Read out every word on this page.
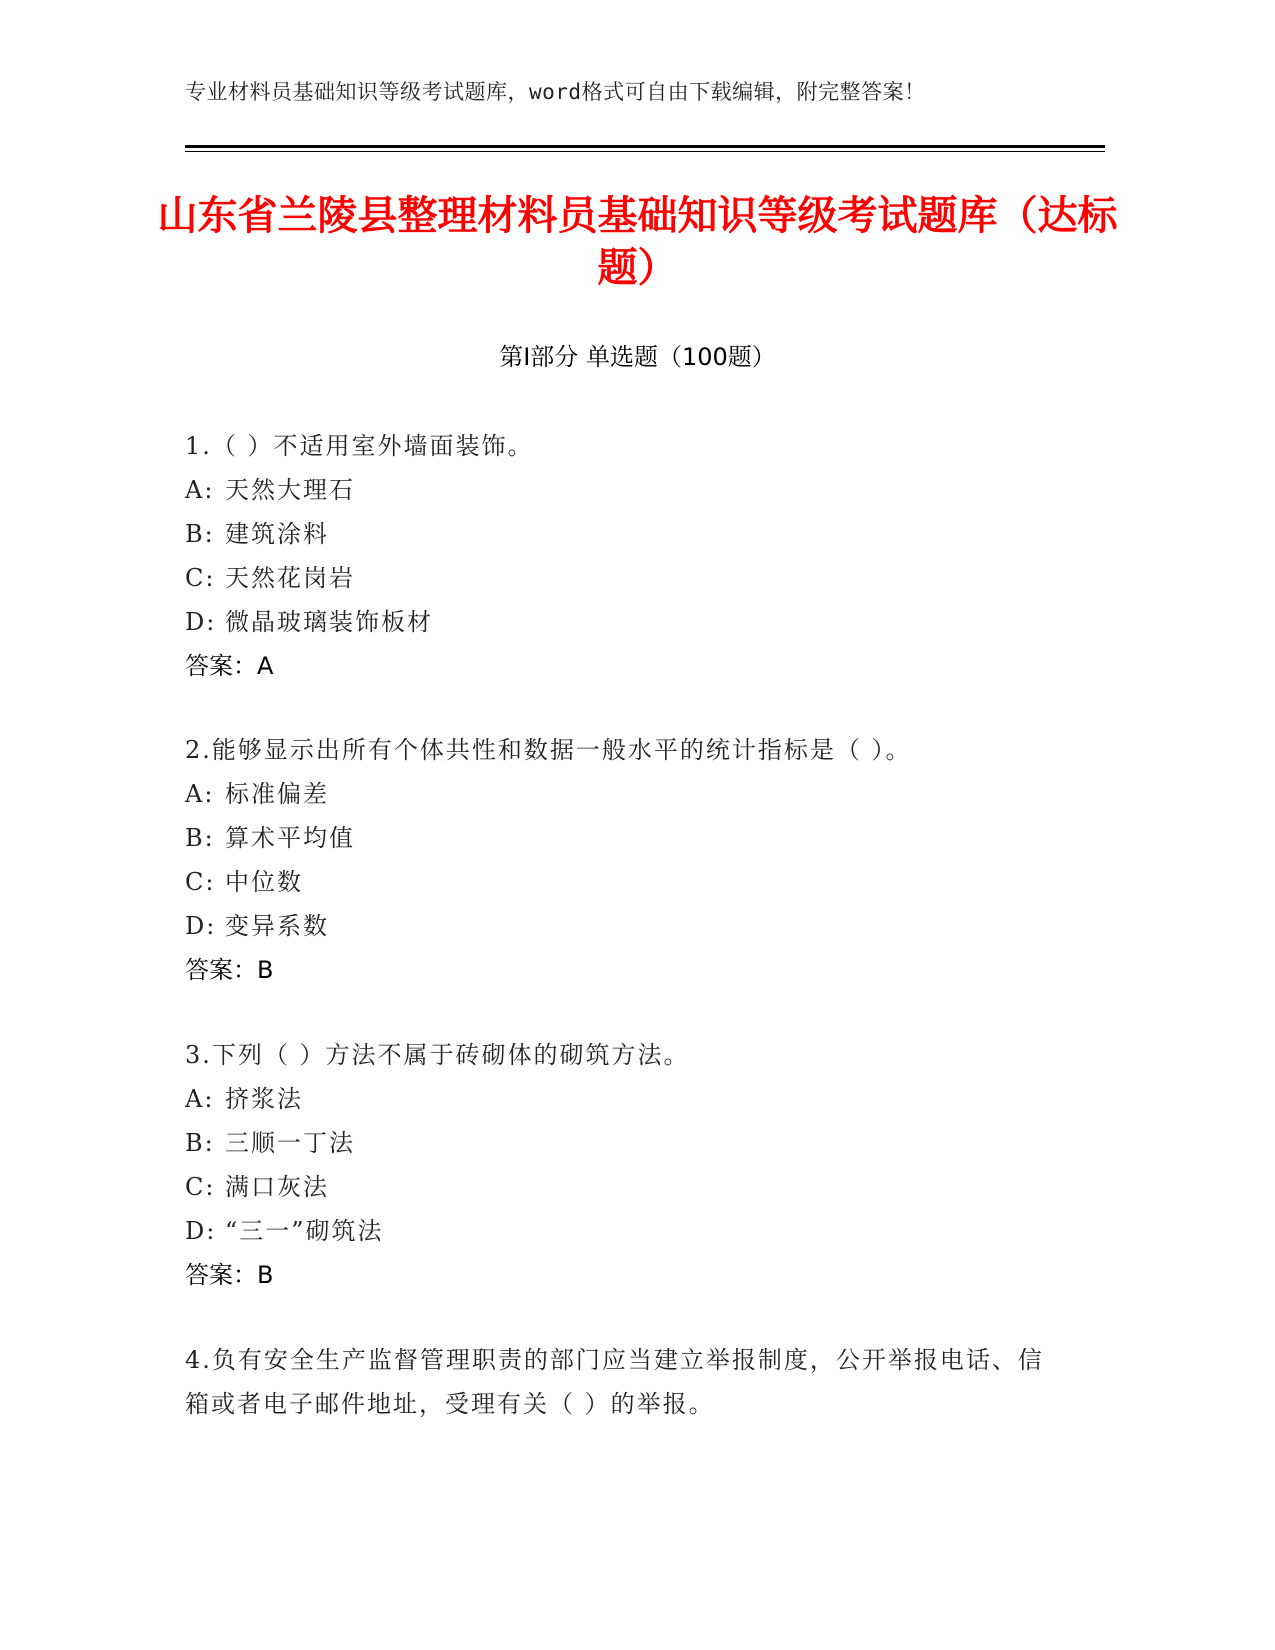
专业材料员基础知识等级考试题库，word格式可自由下载编辑，附完整答案！
山东省兰陵县整理材料员基础知识等级考试题库（达标题）
第Ⅰ部分 单选题（100题）
1.（ ）不适用室外墙面装饰。
A: 天然大理石
B: 建筑涂料
C: 天然花岗岩
D: 微晶玻璃装饰板材
答案：A
2.能够显示出所有个体共性和数据一般水平的统计指标是（ ）。
A: 标准偏差
B: 算术平均值
C: 中位数
D: 变异系数
答案：B
3.下列（ ）方法不属于砖砌体的砌筑方法。
A: 挤浆法
B: 三顺一丁法
C: 满口灰法
D: “三一”砌筑法
答案：B
4.负有安全生产监督管理职责的部门应当建立举报制度，公开举报电话、信箱或者电子邮件地址，受理有关（ ）的举报。
